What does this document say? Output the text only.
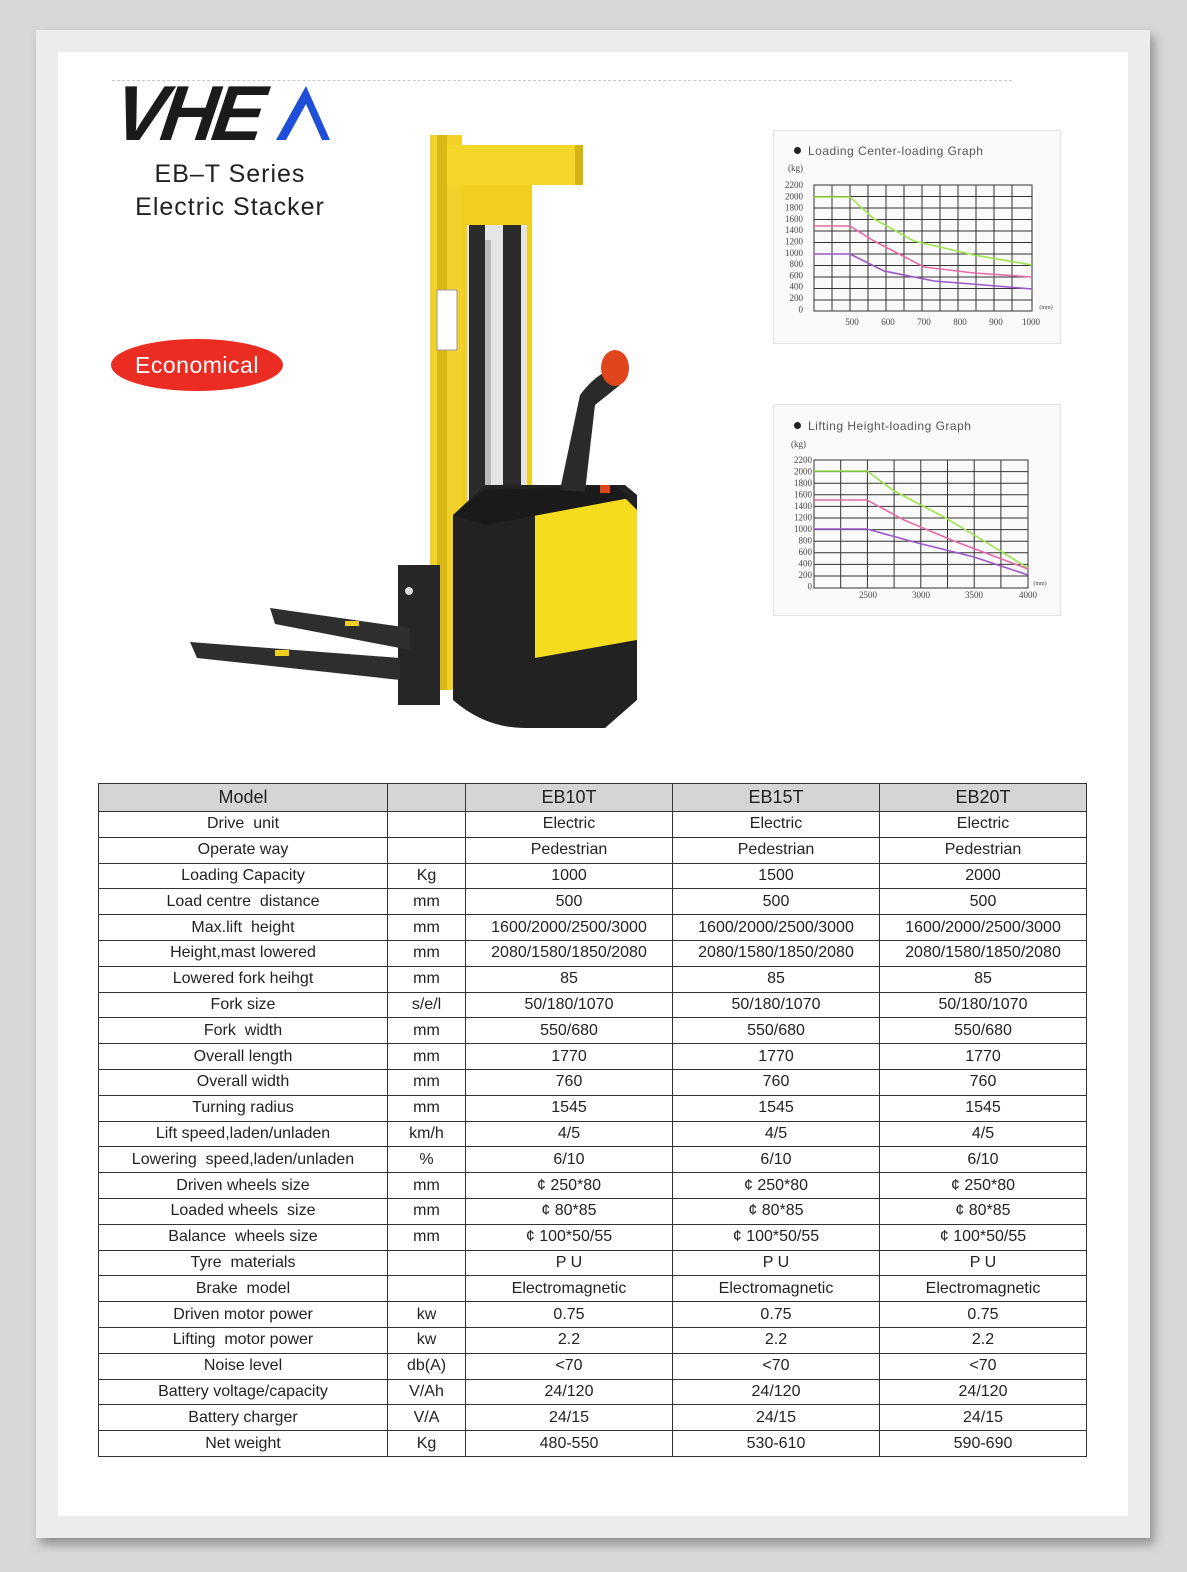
VHE
EB–T Series
Electric Stacker
Economical
Loading Center-loading Graph
(kg)
2200
2000
1800
1600
1400
1200
1000
800
600
400
200
0
500	600	700	800	900 1000
(mm)
Lifting Height-loading Graph
(kg)
2200
2000
1800
1600
1400
1200
1000
800
600
400
200
0
2500	3000	3500	4000
(mm)
Model		EB10T	EB15T	EB20T
Drive  unit		Electric	Electric	Electric
Operate way		Pedestrian	Pedestrian	Pedestrian
Loading Capacity	Kg	1000	1500	2000
Load centre  distance	mm	500	500	500
Max.lift  height	mm	1600/2000/2500/3000	1600/2000/2500/3000	1600/2000/2500/3000
Height,mast lowered	mm	2080/1580/1850/2080	2080/1580/1850/2080	2080/1580/1850/2080
Lowered fork heihgt	mm	85	85	85
Fork size	s/e/l	50/180/1070	50/180/1070	50/180/1070
Fork  width	mm	550/680	550/680	550/680
Overall length	mm	1770	1770	1770
Overall width	mm	760	760	760
Turning radius	mm	1545	1545	1545
Lift speed,laden/unladen	km/h	4/5	4/5	4/5
Lowering  speed,laden/unladen	%	6/10	6/10	6/10
Driven wheels size	mm	¢ 250*80	¢ 250*80	¢ 250*80
Loaded wheels  size	mm	¢ 80*85	¢ 80*85	¢ 80*85
Balance  wheels size	mm	¢ 100*50/55	¢ 100*50/55	¢ 100*50/55
Tyre  materials		P U	P U	P U
Brake  model		Electromagnetic	Electromagnetic	Electromagnetic
Driven motor power	kw	0.75	0.75	0.75
Lifting  motor power	kw	2.2	2.2	2.2
Noise level	db(A)	<70	<70	<70
Battery voltage/capacity	V/Ah	24/120	24/120	24/120
Battery charger	V/A	24/15	24/15	24/15
Net weight	Kg	480-550	530-610	590-690
